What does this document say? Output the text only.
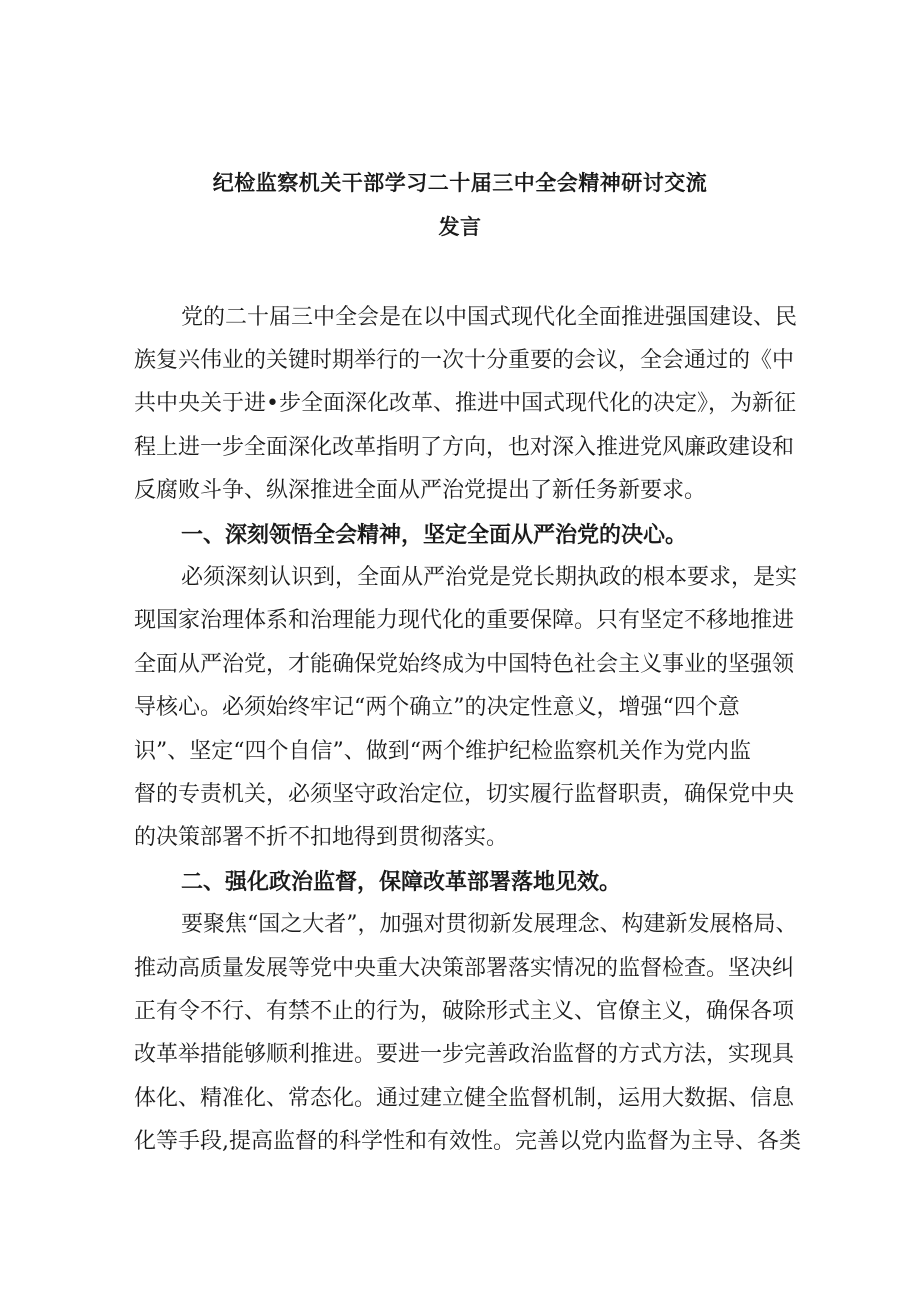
纪检监察机关干部学习二十届三中全会精神研讨交流
发言
党的二十届三中全会是在以中国式现代化全面推进强国建设、民
族复兴伟业的关键时期举行的一次十分重要的会议，全会通过的《中
共中央关于进•步全面深化改革、推进中国式现代化的决定》，为新征
程上进一步全面深化改革指明了方向，也对深入推进党风廉政建设和
反腐败斗争、纵深推进全面从严治党提出了新任务新要求。
一、深刻领悟全会精神，坚定全面从严治党的决心。
必须深刻认识到，全面从严治党是党长期执政的根本要求，是实
现国家治理体系和治理能力现代化的重要保障。只有坚定不移地推进
全面从严治党，才能确保党始终成为中国特色社会主义事业的坚强领
导核心。必须始终牢记“两个确立”的决定性意义，增强“四个意
识”、坚定“四个自信”、做到“两个维护纪检监察机关作为党内监
督的专责机关，必须坚守政治定位，切实履行监督职责，确保党中央
的决策部署不折不扣地得到贯彻落实。
二、强化政治监督，保障改革部署落地见效。
要聚焦“国之大者”，加强对贯彻新发展理念、构建新发展格局、
推动高质量发展等党中央重大决策部署落实情况的监督检查。坚决纠
正有令不行、有禁不止的行为，破除形式主义、官僚主义，确保各项
改革举措能够顺利推进。要进一步完善政治监督的方式方法，实现具
体化、精准化、常态化。通过建立健全监督机制，运用大数据、信息
化等手段,提高监督的科学性和有效性。完善以党内监督为主导、各类
